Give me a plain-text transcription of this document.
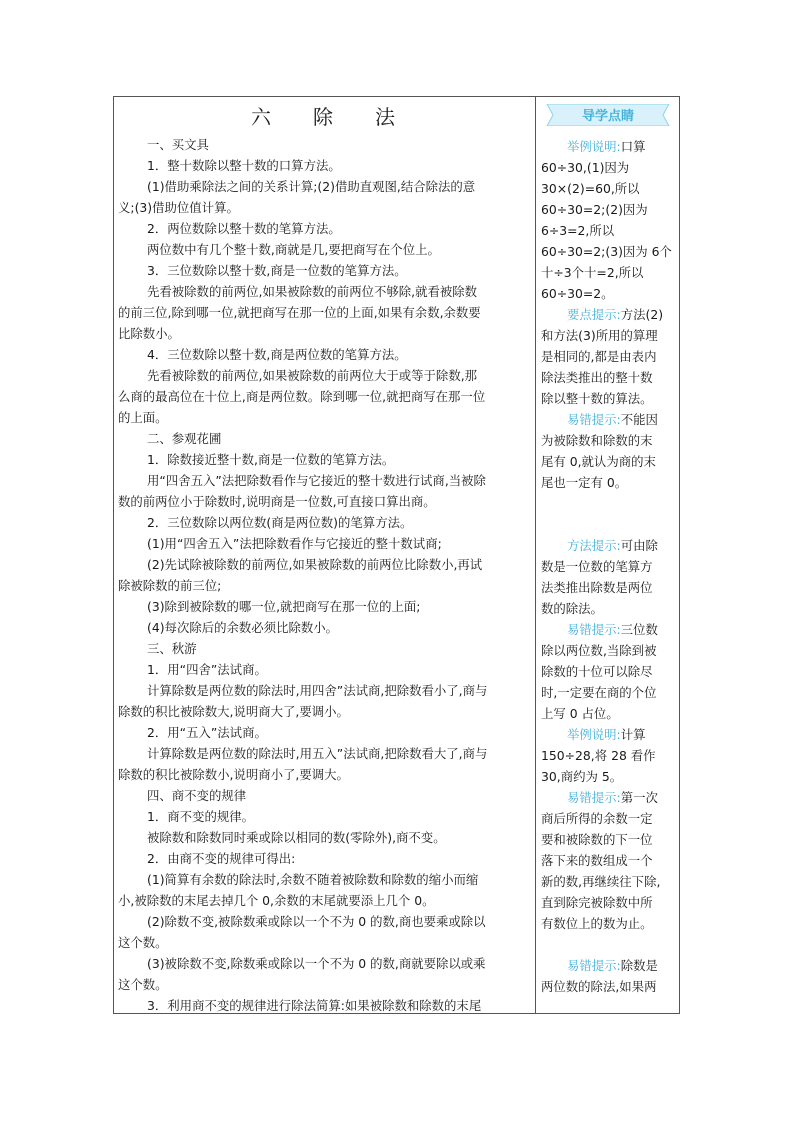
六 除 法
一、买文具
1．整十数除以整十数的口算方法。
(1)借助乘除法之间的关系计算;(2)借助直观图,结合除法的意
义;(3)借助位值计算。
2．两位数除以整十数的笔算方法。
两位数中有几个整十数,商就是几,要把商写在个位上。
3．三位数除以整十数,商是一位数的笔算方法。
先看被除数的前两位,如果被除数的前两位不够除,就看被除数
的前三位,除到哪一位,就把商写在那一位的上面,如果有余数,余数要
比除数小。
4．三位数除以整十数,商是两位数的笔算方法。
先看被除数的前两位,如果被除数的前两位大于或等于除数,那
么商的最高位在十位上,商是两位数。除到哪一位,就把商写在那一位
的上面。
二、参观花圃
1．除数接近整十数,商是一位数的笔算方法。
用“四舍五入”法把除数看作与它接近的整十数进行试商,当被除
数的前两位小于除数时,说明商是一位数,可直接口算出商。
2．三位数除以两位数(商是两位数)的笔算方法。
(1)用“四舍五入”法把除数看作与它接近的整十数试商;
(2)先试除被除数的前两位,如果被除数的前两位比除数小,再试
除被除数的前三位;
(3)除到被除数的哪一位,就把商写在那一位的上面;
(4)每次除后的余数必须比除数小。
三、秋游
1．用“四舍”法试商。
计算除数是两位数的除法时,用四舍”法试商,把除数看小了,商与
除数的积比被除数大,说明商大了,要调小。
2．用“五入”法试商。
计算除数是两位数的除法时,用五入”法试商,把除数看大了,商与
除数的积比被除数小,说明商小了,要调大。
四、商不变的规律
1．商不变的规律。
被除数和除数同时乘或除以相同的数(零除外),商不变。
2．由商不变的规律可得出:
(1)简算有余数的除法时,余数不随着被除数和除数的缩小而缩
小,被除数的末尾去掉几个 0,余数的末尾就要添上几个 0。
(2)除数不变,被除数乘或除以一个不为 0 的数,商也要乘或除以
这个数。
(3)被除数不变,除数乘或除以一个不为 0 的数,商就要除以或乘
这个数。
3．利用商不变的规律进行除法简算:如果被除数和除数的末尾
导学点睛
举例说明:口算
60÷30,(1)因为
30×(2)=60,所以
60÷30=2;(2)因为
6÷3=2,所以
60÷30=2;(3)因为 6个
十÷3个十=2,所以
60÷30=2。
要点提示:方法(2)
和方法(3)所用的算理
是相同的,都是由表内
除法类推出的整十数
除以整十数的算法。
易错提示:不能因
为被除数和除数的末
尾有 0,就认为商的末
尾也一定有 0。
方法提示:可由除
数是一位数的笔算方
法类推出除数是两位
数的除法。
易错提示:三位数
除以两位数,当除到被
除数的十位可以除尽
时,一定要在商的个位
上写 0 占位。
举例说明:计算
150÷28,将 28 看作
30,商约为 5。
易错提示:第一次
商后所得的余数一定
要和被除数的下一位
落下来的数组成一个
新的数,再继续往下除,
直到除完被除数中所
有数位上的数为止。
易错提示:除数是
两位数的除法,如果两
